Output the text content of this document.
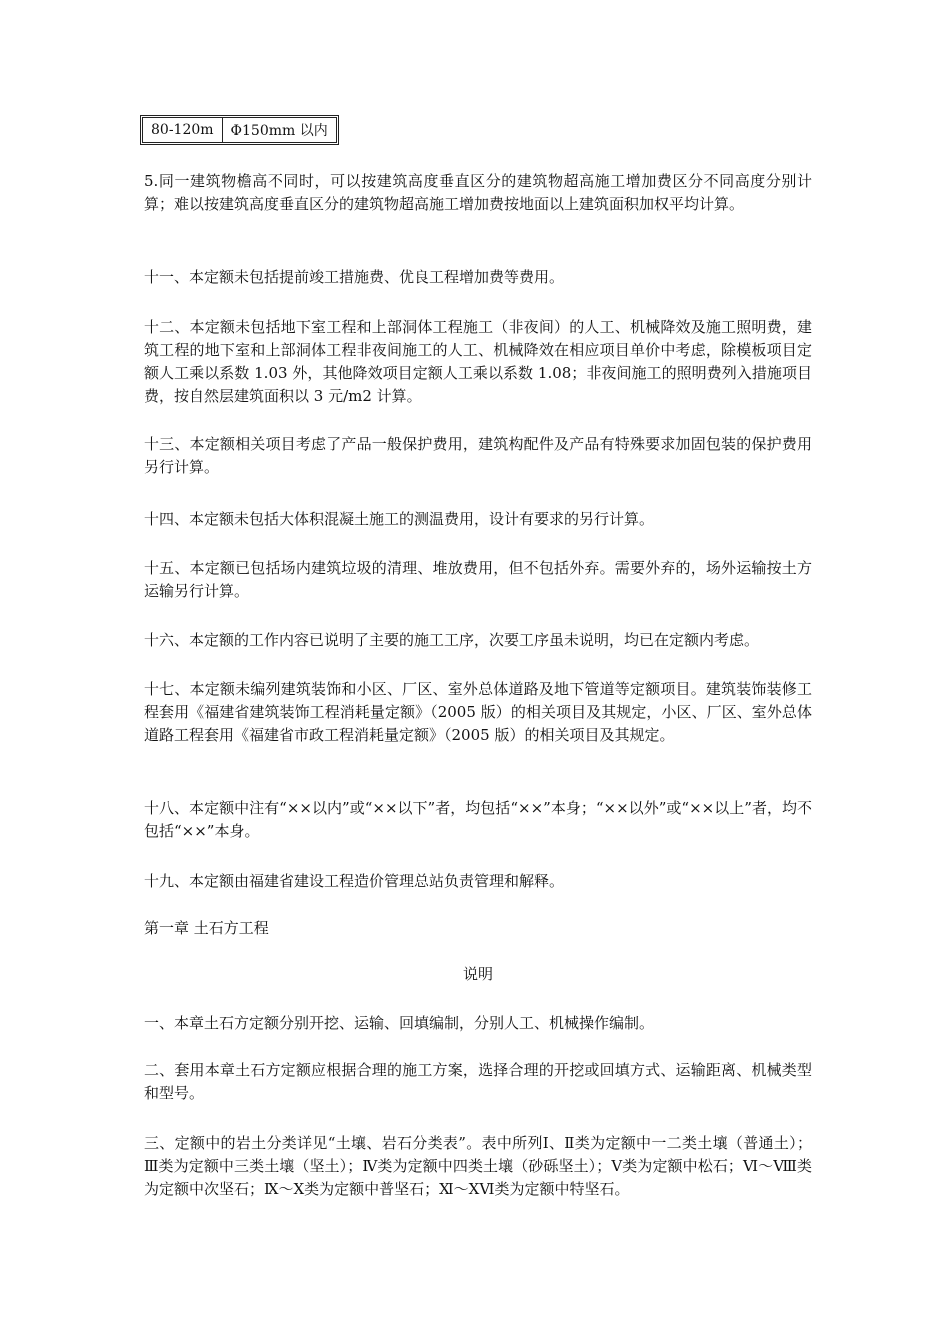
80-120m	Φ150mm 以内

5.同一建筑物檐高不同时，可以按建筑高度垂直区分的建筑物超高施工增加费区分不同高度分别计算；难以按建筑高度垂直区分的建筑物超高施工增加费按地面以上建筑面积加权平均计算。

十一、本定额未包括提前竣工措施费、优良工程增加费等费用。

十二、本定额未包括地下室工程和上部洞体工程施工（非夜间）的人工、机械降效及施工照明费，建筑工程的地下室和上部洞体工程非夜间施工的人工、机械降效在相应项目单价中考虑，除模板项目定额人工乘以系数 1.03 外，其他降效项目定额人工乘以系数 1.08；非夜间施工的照明费列入措施项目费，按自然层建筑面积以 3 元/m2 计算。

十三、本定额相关项目考虑了产品一般保护费用，建筑构配件及产品有特殊要求加固包装的保护费用另行计算。

十四、本定额未包括大体积混凝土施工的测温费用，设计有要求的另行计算。

十五、本定额已包括场内建筑垃圾的清理、堆放费用，但不包括外弃。需要外弃的，场外运输按土方运输另行计算。

十六、本定额的工作内容已说明了主要的施工工序，次要工序虽未说明，均已在定额内考虑。

十七、本定额未编列建筑装饰和小区、厂区、室外总体道路及地下管道等定额项目。建筑装饰装修工程套用《福建省建筑装饰工程消耗量定额》（2005 版）的相关项目及其规定，小区、厂区、室外总体道路工程套用《福建省市政工程消耗量定额》（2005 版）的相关项目及其规定。

十八、本定额中注有“××以内”或“××以下”者，均包括“××”本身；“××以外”或“××以上”者，均不包括“××”本身。

十九、本定额由福建省建设工程造价管理总站负责管理和解释。

第一章 土石方工程

说明

一、本章土石方定额分别开挖、运输、回填编制，分别人工、机械操作编制。

二、套用本章土石方定额应根据合理的施工方案，选择合理的开挖或回填方式、运输距离、机械类型和型号。

三、定额中的岩土分类详见“土壤、岩石分类表”。表中所列Ⅰ、Ⅱ类为定额中一二类土壤（普通土）；Ⅲ类为定额中三类土壤（坚土）；Ⅳ类为定额中四类土壤（砂砾坚土）；Ⅴ类为定额中松石；Ⅵ～Ⅷ类为定额中次坚石；Ⅸ～Ⅹ类为定额中普坚石；Ⅺ～ⅩⅥ类为定额中特坚石。
